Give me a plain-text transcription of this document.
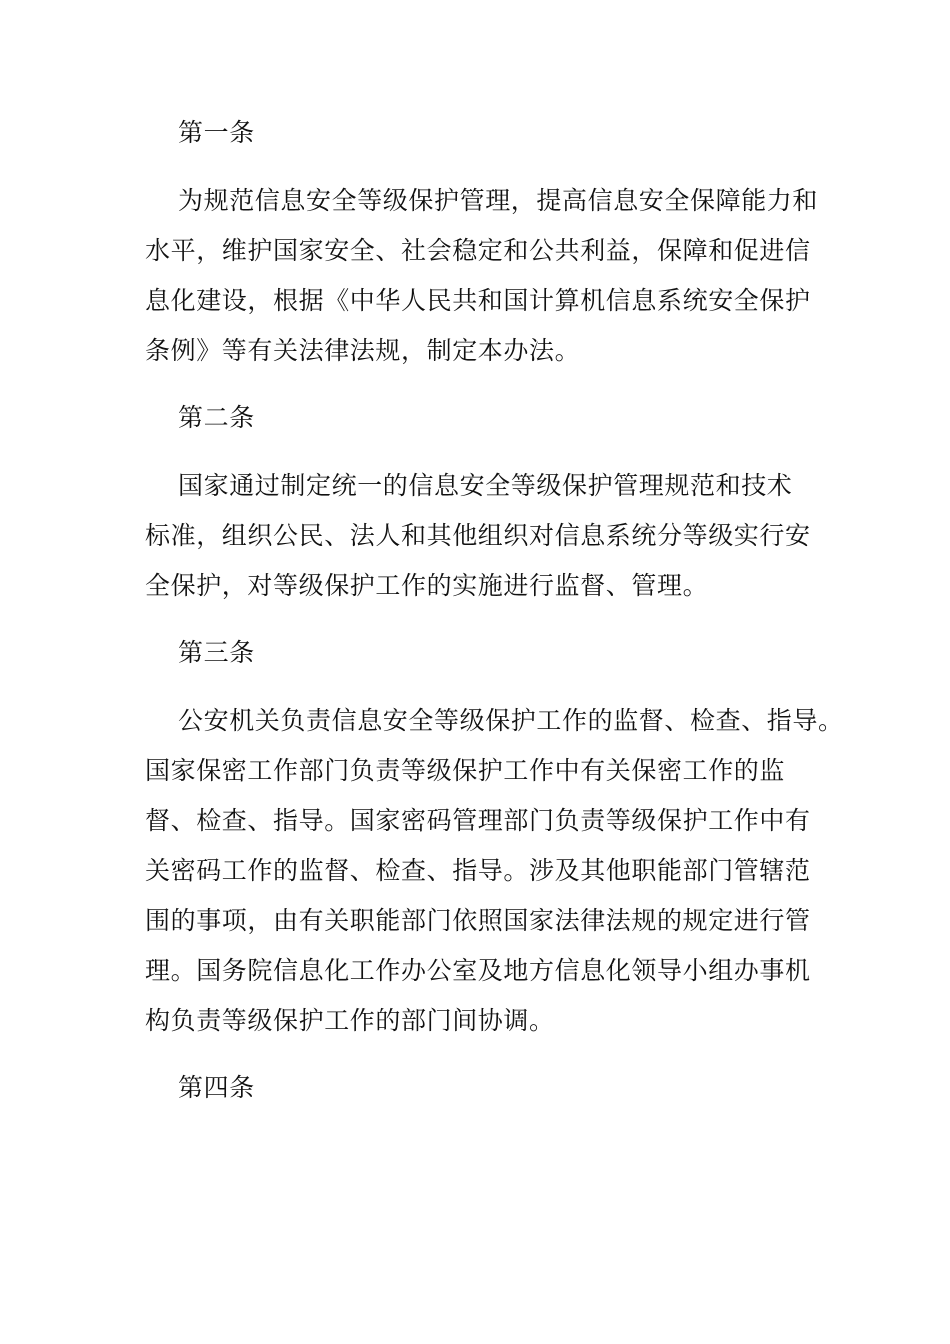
第一条
为规范信息安全等级保护管理，提高信息安全保障能力和
水平，维护国家安全、社会稳定和公共利益，保障和促进信
息化建设，根据《中华人民共和国计算机信息系统安全保护
条例》等有关法律法规，制定本办法。
第二条
国家通过制定统一的信息安全等级保护管理规范和技术
标准，组织公民、法人和其他组织对信息系统分等级实行安
全保护，对等级保护工作的实施进行监督、管理。
第三条
公安机关负责信息安全等级保护工作的监督、检查、指导。
国家保密工作部门负责等级保护工作中有关保密工作的监
督、检查、指导。国家密码管理部门负责等级保护工作中有
关密码工作的监督、检查、指导。涉及其他职能部门管辖范
围的事项，由有关职能部门依照国家法律法规的规定进行管
理。国务院信息化工作办公室及地方信息化领导小组办事机
构负责等级保护工作的部门间协调。
第四条
